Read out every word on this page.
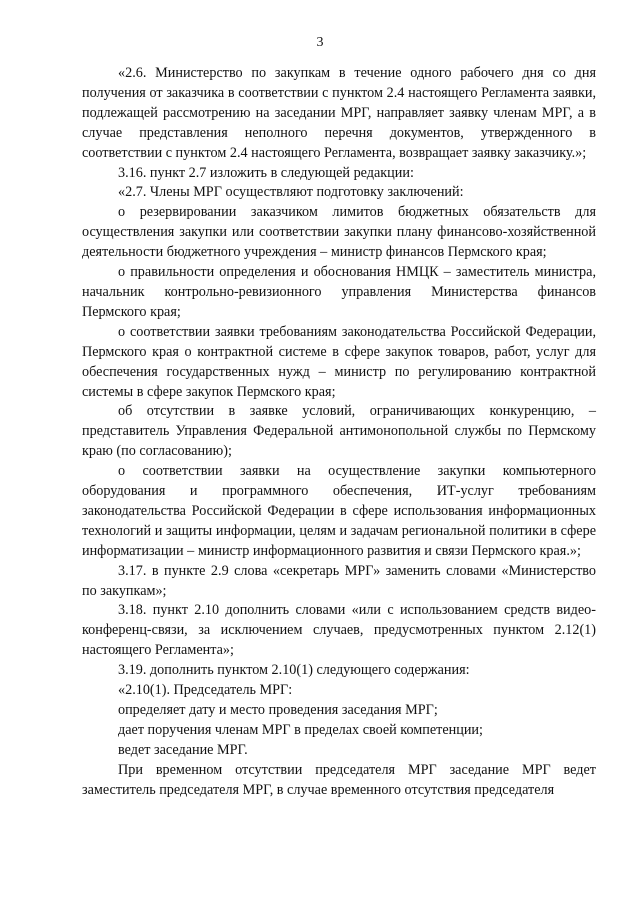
3

«2.6. Министерство по закупкам в течение одного рабочего дня со дня получения от заказчика в соответствии с пунктом 2.4 настоящего Регламента заявки, подлежащей рассмотрению на заседании МРГ, направляет заявку членам МРГ, а в случае представления неполного перечня документов, утвержденного в соответствии с пунктом 2.4 настоящего Регламента, возвращает заявку заказчику.»;

3.16. пункт 2.7 изложить в следующей редакции:

«2.7. Члены МРГ осуществляют подготовку заключений:

о резервировании заказчиком лимитов бюджетных обязательств для осуществления закупки или соответствии закупки плану финансово-хозяйственной деятельности бюджетного учреждения – министр финансов Пермского края;

о правильности определения и обоснования НМЦК – заместитель министра, начальник контрольно-ревизионного управления Министерства финансов Пермского края;

о соответствии заявки требованиям законодательства Российской Федерации, Пермского края о контрактной системе в сфере закупок товаров, работ, услуг для обеспечения государственных нужд – министр по регулированию контрактной системы в сфере закупок Пермского края;

об отсутствии в заявке условий, ограничивающих конкуренцию, – представитель Управления Федеральной антимонопольной службы по Пермскому краю (по согласованию);

о соответствии заявки на осуществление закупки компьютерного оборудования и программного обеспечения, ИТ-услуг требованиям законодательства Российской Федерации в сфере использования информационных технологий и защиты информации, целям и задачам региональной политики в сфере информатизации – министр информационного развития и связи Пермского края.»;

3.17. в пункте 2.9 слова «секретарь МРГ» заменить словами «Министерство по закупкам»;

3.18. пункт 2.10 дополнить словами «или с использованием средств видео-конференц-связи, за исключением случаев, предусмотренных пунктом 2.12(1) настоящего Регламента»;

3.19. дополнить пунктом 2.10(1) следующего содержания:

«2.10(1). Председатель МРГ:

определяет дату и место проведения заседания МРГ;

дает поручения членам МРГ в пределах своей компетенции;

ведет заседание МРГ.

При временном отсутствии председателя МРГ заседание МРГ ведет заместитель председателя МРГ, в случае временного отсутствия председателя
